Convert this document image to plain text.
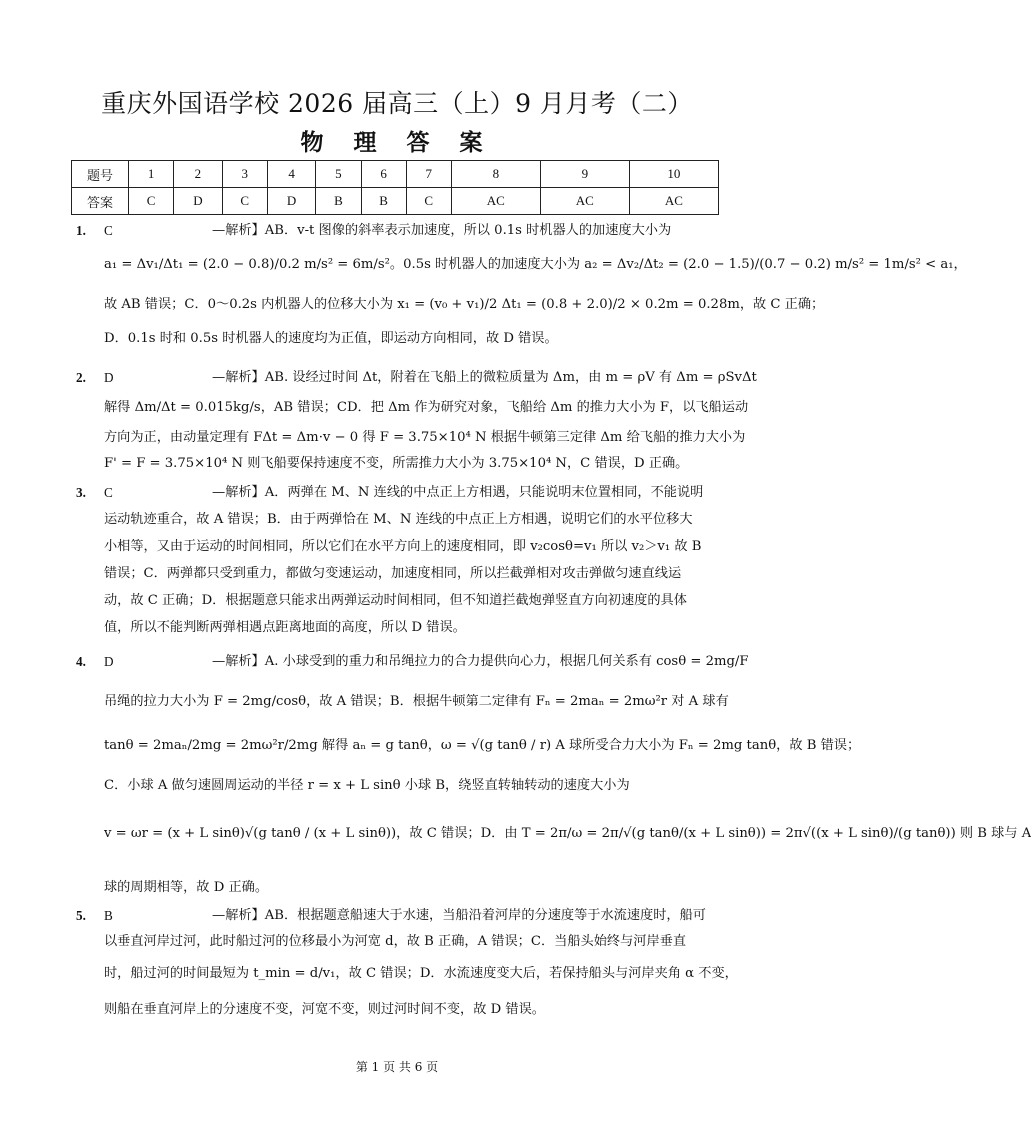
重庆外国语学校 2026 届高三（上）9 月月考（二）
物 理 答 案
题号	1	2	3	4	5	6	7	8	9	10
答案	C	D	C	D	B	B	C	AC	AC	AC
1. C	—解析】AB．v-t 图像的斜率表示加速度，所以 0.1s 时机器人的加速度大小为
a₁ = Δv₁/Δt₁ = (2.0 − 0.8)/0.2 m/s² = 6m/s²。0.5s 时机器人的加速度大小为 a₂ = Δv₂/Δt₂ = (2.0 − 1.5)/(0.7 − 0.2) m/s² = 1m/s² < a₁，
故 AB 错误；C．0～0.2s 内机器人的位移大小为 x₁ = (v₀ + v₁)/2 Δt₁ = (0.8 + 2.0)/2 × 0.2m = 0.28m，故 C 正确；
D．0.1s 时和 0.5s 时机器人的速度均为正值，即运动方向相同，故 D 错误。
2. D	—解析】AB. 设经过时间 Δt，附着在飞船上的微粒质量为 Δm，由 m = ρV 有 Δm = ρSvΔt
解得 Δm/Δt = 0.015kg/s，AB 错误；CD．把 Δm 作为研究对象，飞船给 Δm 的推力大小为 F，以飞船运动
方向为正，由动量定理有 FΔt = Δm·v − 0 得 F = 3.75×10⁴ N 根据牛顿第三定律 Δm 给飞船的推力大小为
F' = F = 3.75×10⁴ N 则飞船要保持速度不变，所需推力大小为 3.75×10⁴ N，C 错误，D 正确。
3. C	—解析】A．两弹在 M、N 连线的中点正上方相遇，只能说明末位置相同，不能说明
运动轨迹重合，故 A 错误；B．由于两弹恰在 M、N 连线的中点正上方相遇，说明它们的水平位移大
小相等，又由于运动的时间相同，所以它们在水平方向上的速度相同，即 v₂cosθ=v₁ 所以 v₂＞v₁ 故 B
错误；C．两弹都只受到重力，都做匀变速运动，加速度相同，所以拦截弹相对攻击弹做匀速直线运
动，故 C 正确；D．根据题意只能求出两弹运动时间相同，但不知道拦截炮弹竖直方向初速度的具体
值，所以不能判断两弹相遇点距离地面的高度，所以 D 错误。
4. D	—解析】A. 小球受到的重力和吊绳拉力的合力提供向心力，根据几何关系有 cosθ = 2mg/F
吊绳的拉力大小为 F = 2mg/cosθ，故 A 错误；B．根据牛顿第二定律有 Fₙ = 2maₙ = 2mω²r 对 A 球有
tanθ = 2maₙ/2mg = 2mω²r/2mg 解得 aₙ = g tanθ，ω = √(g tanθ / r) A 球所受合力大小为 Fₙ = 2mg tanθ，故 B 错误；
C．小球 A 做匀速圆周运动的半径 r = x + L sinθ 小球 B，绕竖直转轴转动的速度大小为
v = ωr = (x + L sinθ)√(g tanθ / (x + L sinθ))，故 C 错误；D．由 T = 2π/ω = 2π/√(g tanθ/(x + L sinθ)) = 2π√((x + L sinθ)/(g tanθ)) 则 B 球与 A
球的周期相等，故 D 正确。
5. B	—解析】AB．根据题意船速大于水速，当船沿着河岸的分速度等于水流速度时，船可
以垂直河岸过河，此时船过河的位移最小为河宽 d，故 B 正确，A 错误；C．当船头始终与河岸垂直
时，船过河的时间最短为 t_min = d/v₁，故 C 错误；D．水流速度变大后，若保持船头与河岸夹角 α 不变，
则船在垂直河岸上的分速度不变，河宽不变，则过河时间不变，故 D 错误。
第 1 页 共 6 页
